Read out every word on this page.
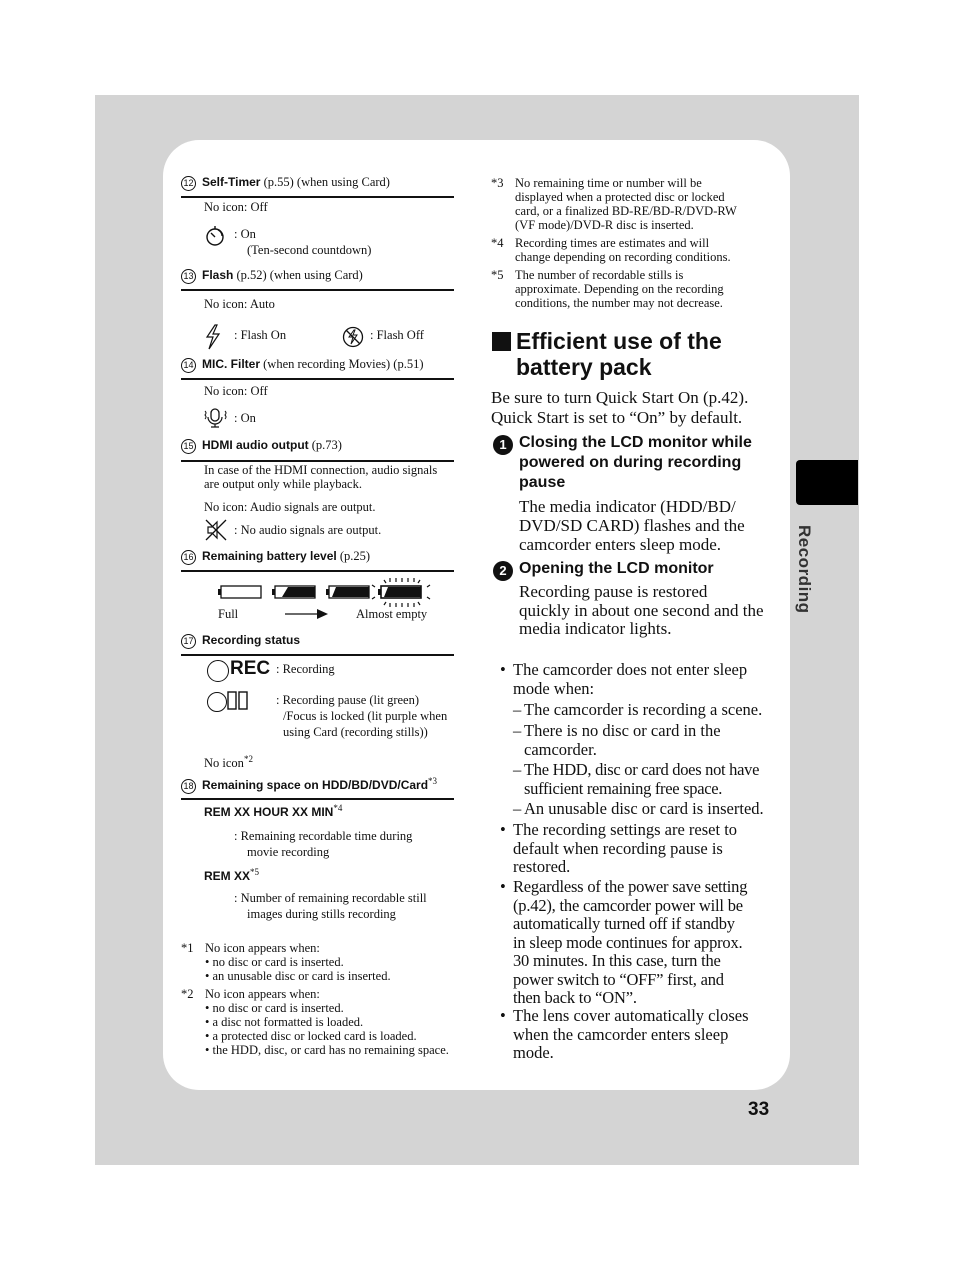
Recording
33
12 Self-Timer (p.55) (when using Card)
No icon: Off
: On
(Ten-second countdown)
13 Flash (p.52) (when using Card)
No icon: Auto
: Flash On	: Flash Off
14 MIC. Filter (when recording Movies) (p.51)
No icon: Off
: On
15 HDMI audio output (p.73)
In case of the HDMI connection, audio signals are output only while playback.
No icon: Audio signals are output.
: No audio signals are output.
16 Remaining battery level (p.25)
Full	Almost empty
17 Recording status
REC : Recording
: Recording pause (lit green)
/Focus is locked (lit purple when
using Card (recording stills))
No icon$^{*2}$
18 Remaining space on HDD/BD/DVD/Card$^{*3}$
REM XX HOUR XX MIN$^{*4}$
: Remaining recordable time during
movie recording
REM XX$^{*5}$
: Number of remaining recordable still
images during stills recording
*1 No icon appears when:
• no disc or card is inserted.
• an unusable disc or card is inserted.
*2 No icon appears when:
• no disc or card is inserted.
• a disc not formatted is loaded.
• a protected disc or locked card is loaded.
• the HDD, disc, or card has no remaining space.
*3 No remaining time or number will be
displayed when a protected disc or locked
card, or a finalized BD-RE/BD-R/DVD-RW
(VF mode)/DVD-R disc is inserted.
*4 Recording times are estimates and will
change depending on recording conditions.
*5 The number of recordable stills is
approximate. Depending on the recording
conditions, the number may not decrease.
Efficient use of the
battery pack
Be sure to turn Quick Start On (p.42).
Quick Start is set to “On” by default.
1 Closing the LCD monitor while
powered on during recording
pause
The media indicator (HDD/BD/
DVD/SD CARD) flashes and the
camcorder enters sleep mode.
2 Opening the LCD monitor
Recording pause is restored
quickly in about one second and the
media indicator lights.
• The camcorder does not enter sleep
mode when:
– The camcorder is recording a scene.
– There is no disc or card in the
camcorder.
– The HDD, disc or card does not have
sufficient remaining free space.
– An unusable disc or card is inserted.
• The recording settings are reset to
default when recording pause is
restored.
• Regardless of the power save setting
(p.42), the camcorder power will be
automatically turned off if standby
in sleep mode continues for approx.
30 minutes. In this case, turn the
power switch to “OFF” first, and
then back to “ON”.
• The lens cover automatically closes
when the camcorder enters sleep
mode.
